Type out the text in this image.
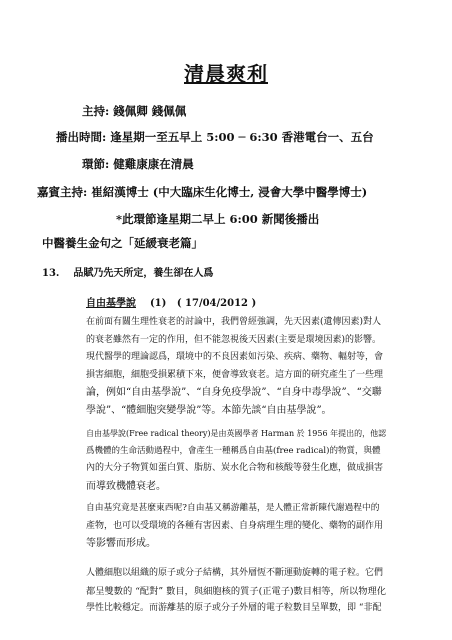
清晨爽利
主持: 錢佩卿 錢佩佩
播出時間: 逢星期一至五早上 5:00 ─ 6:30 香港電台一、五台
環節: 健雞康康在清晨
嘉賓主持: 崔紹漢博士 (中大臨床生化博士, 浸會大學中醫學博士)
*此環節逢星期二早上 6:00 新聞後播出
中醫養生金句之「延緩衰老篇」
13. 品賦乃先天所定，養生卻在人爲
自由基學說 (1) ( 17/04/2012 )
在前面有關生理性衰老的討論中，我們曾經強調，先天因素(遺傳因素)對人
的衰老雖然有一定的作用，但不能忽視後天因素(主要是環境因素)的影響。
現代醫學的理論認爲，環境中的不良因素如污染、疾病、藥物、輻射等，會
損害細胞，細胞受損累積下來，便會導致衰老。這方面的研究產生了一些理
論，例如“自由基學說”、“自身免疫學說”、“自身中毒學說”、“交聯
學說”、“體細胞突變學說”等。本節先談“自由基學說”。
自由基學說(Free radical theory)是由英國學者 Harman 於 1956 年提出的，他認
爲機體的生命活動過程中，會產生一種稱爲自由基(free radical)的物質，與體
內的大分子物質如蛋白質、脂肪、炭水化合物和核酸等發生化應，做成損害
而導致機體衰老。
自由基究竟是甚麼東西呢?自由基又稱游離基，是人體正常新陳代謝過程中的
產物，也可以受環境的各種有害因素、自身病理生理的變化、藥物的副作用
等影響而形成。
人體細胞以組織的原子或分子結構，其外層恆不斷運動旋轉的電子粒。它們
都呈雙數的 “配對” 數目，與細胞核的質子(正電子)數目相等，所以物理化
學性比較穩定。而游離基的原子或分子外層的電子粒數目呈單數，即 “非配
